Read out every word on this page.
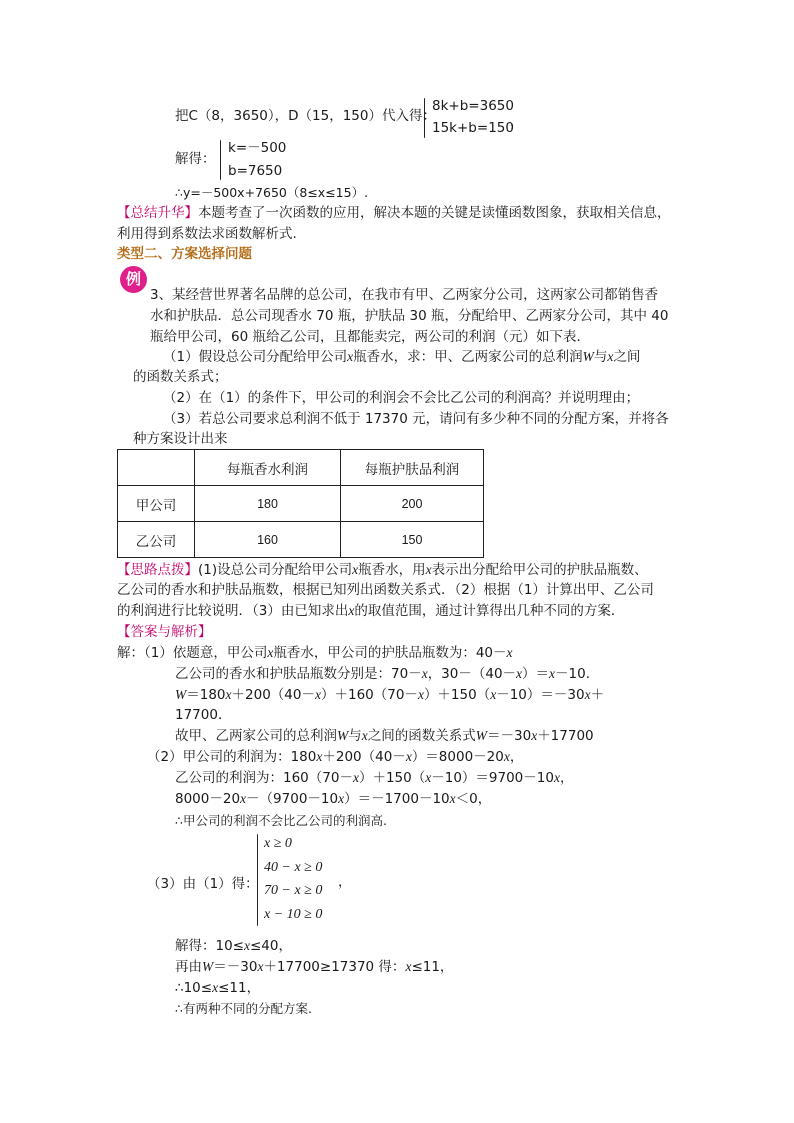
把C（8，3650），D（15，150）代入得：
8k+b=3650
15k+b=150
，
解得：
k=－500
b=7650
∴y=－500x+7650（8≤x≤15）.
【总结升华】本题考查了一次函数的应用，解决本题的关键是读懂函数图象，获取相关信息，
利用得到系数法求函数解析式.
类型二、方案选择问题
例
3、某经营世界著名品牌的总公司，在我市有甲、乙两家分公司，这两家公司都销售香
水和护肤品．总公司现香水 70 瓶，护肤品 30 瓶，分配给甲、乙两家分公司，其中 40
瓶给甲公司，60 瓶给乙公司，且都能卖完，两公司的利润（元）如下表．
（1）假设总公司分配给甲公司x瓶香水，求：甲、乙两家公司的总利润W与x之间
的函数关系式；
（2）在（1）的条件下，甲公司的利润会不会比乙公司的利润高？并说明理由；
（3）若总公司要求总利润不低于 17370 元，请问有多少种不同的分配方案，并将各
种方案设计出来
	每瓶香水利润	每瓶护肤品利润
甲公司	180	200
乙公司	160	150
【思路点拨】(1)设总公司分配给甲公司x瓶香水，用x表示出分配给甲公司的护肤品瓶数、
乙公司的香水和护肤品瓶数，根据已知列出函数关系式．（2）根据（1）计算出甲、乙公司
的利润进行比较说明．（3）由已知求出x的取值范围，通过计算得出几种不同的方案．
【答案与解析】
解：（1）依题意，甲公司x瓶香水，甲公司的护肤品瓶数为：40－x
乙公司的香水和护肤品瓶数分别是：70－x，30－（40－x）＝x－10．
W＝180x＋200（40－x）＋160（70－x）＋150（x－10）＝－30x＋
17700．
故甲、乙两家公司的总利润W与x之间的函数关系式W＝－30x＋17700
（2）甲公司的利润为：180x＋200（40－x）＝8000－20x，
乙公司的利润为：160（70－x）＋150（x－10）＝9700－10x，
8000－20x－（9700－10x）＝－1700－10x＜0，
∴甲公司的利润不会比乙公司的利润高.
（3）由（1）得：
x ≥ 0
40 − x ≥ 0
70 − x ≥ 0
x − 10 ≥ 0
，
解得：10≤x≤40，
再由W＝－30x＋17700≥17370 得：x≤11，
∴10≤x≤11，
∴有两种不同的分配方案.
